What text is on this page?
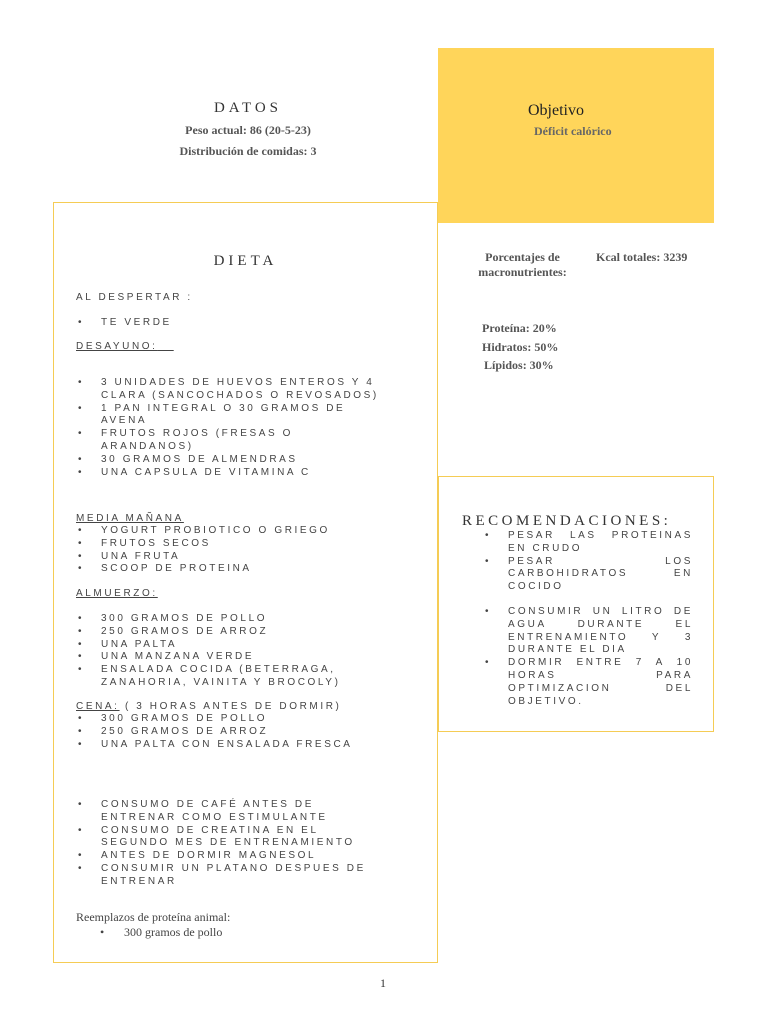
DATOS
Peso actual: 86 (20-5-23)
Distribución de comidas: 3
Objetivo
Déficit calórico
DIETA
AL DESPERTAR :
• TE VERDE
DESAYUNO:
• 3 UNIDADES DE HUEVOS ENTEROS Y 4 CLARA (SANCOCHADOS O REVOSADOS)
• 1 PAN INTEGRAL O 30 GRAMOS DE AVENA
• FRUTOS ROJOS (FRESAS O ARANDANOS)
• 30 GRAMOS DE ALMENDRAS
• UNA CAPSULA DE VITAMINA C
MEDIA MAÑANA
• YOGURT PROBIOTICO O GRIEGO
• FRUTOS SECOS
• UNA FRUTA
• SCOOP DE PROTEINA
ALMUERZO:
• 300 GRAMOS DE POLLO
• 250 GRAMOS DE ARROZ
• UNA PALTA
• UNA MANZANA VERDE
• ENSALADA COCIDA (BETERRAGA, ZANAHORIA, VAINITA Y BROCOLY)
CENA: ( 3 HORAS ANTES DE DORMIR)
• 300 GRAMOS DE POLLO
• 250 GRAMOS DE ARROZ
• UNA PALTA CON ENSALADA FRESCA
• CONSUMO DE CAFÉ ANTES DE ENTRENAR COMO ESTIMULANTE
• CONSUMO DE CREATINA EN EL SEGUNDO MES DE ENTRENAMIENTO
• ANTES DE DORMIR MAGNESOL
• CONSUMIR UN PLATANO DESPUES DE ENTRENAR
Reemplazos de proteína animal:
• 300 gramos de pollo
Porcentajes de macronutrientes:
Kcal totales: 3239
Proteína: 20%
Hidratos: 50%
Lípidos: 30%
RECOMENDACIONES:
• PESAR LAS PROTEINAS EN CRUDO
• PESAR LOS CARBOHIDRATOS EN COCIDO
• CONSUMIR UN LITRO DE AGUA DURANTE EL ENTRENAMIENTO Y 3 DURANTE EL DIA
• DORMIR ENTRE 7 A 10 HORAS PARA OPTIMIZACION DEL OBJETIVO.
1
